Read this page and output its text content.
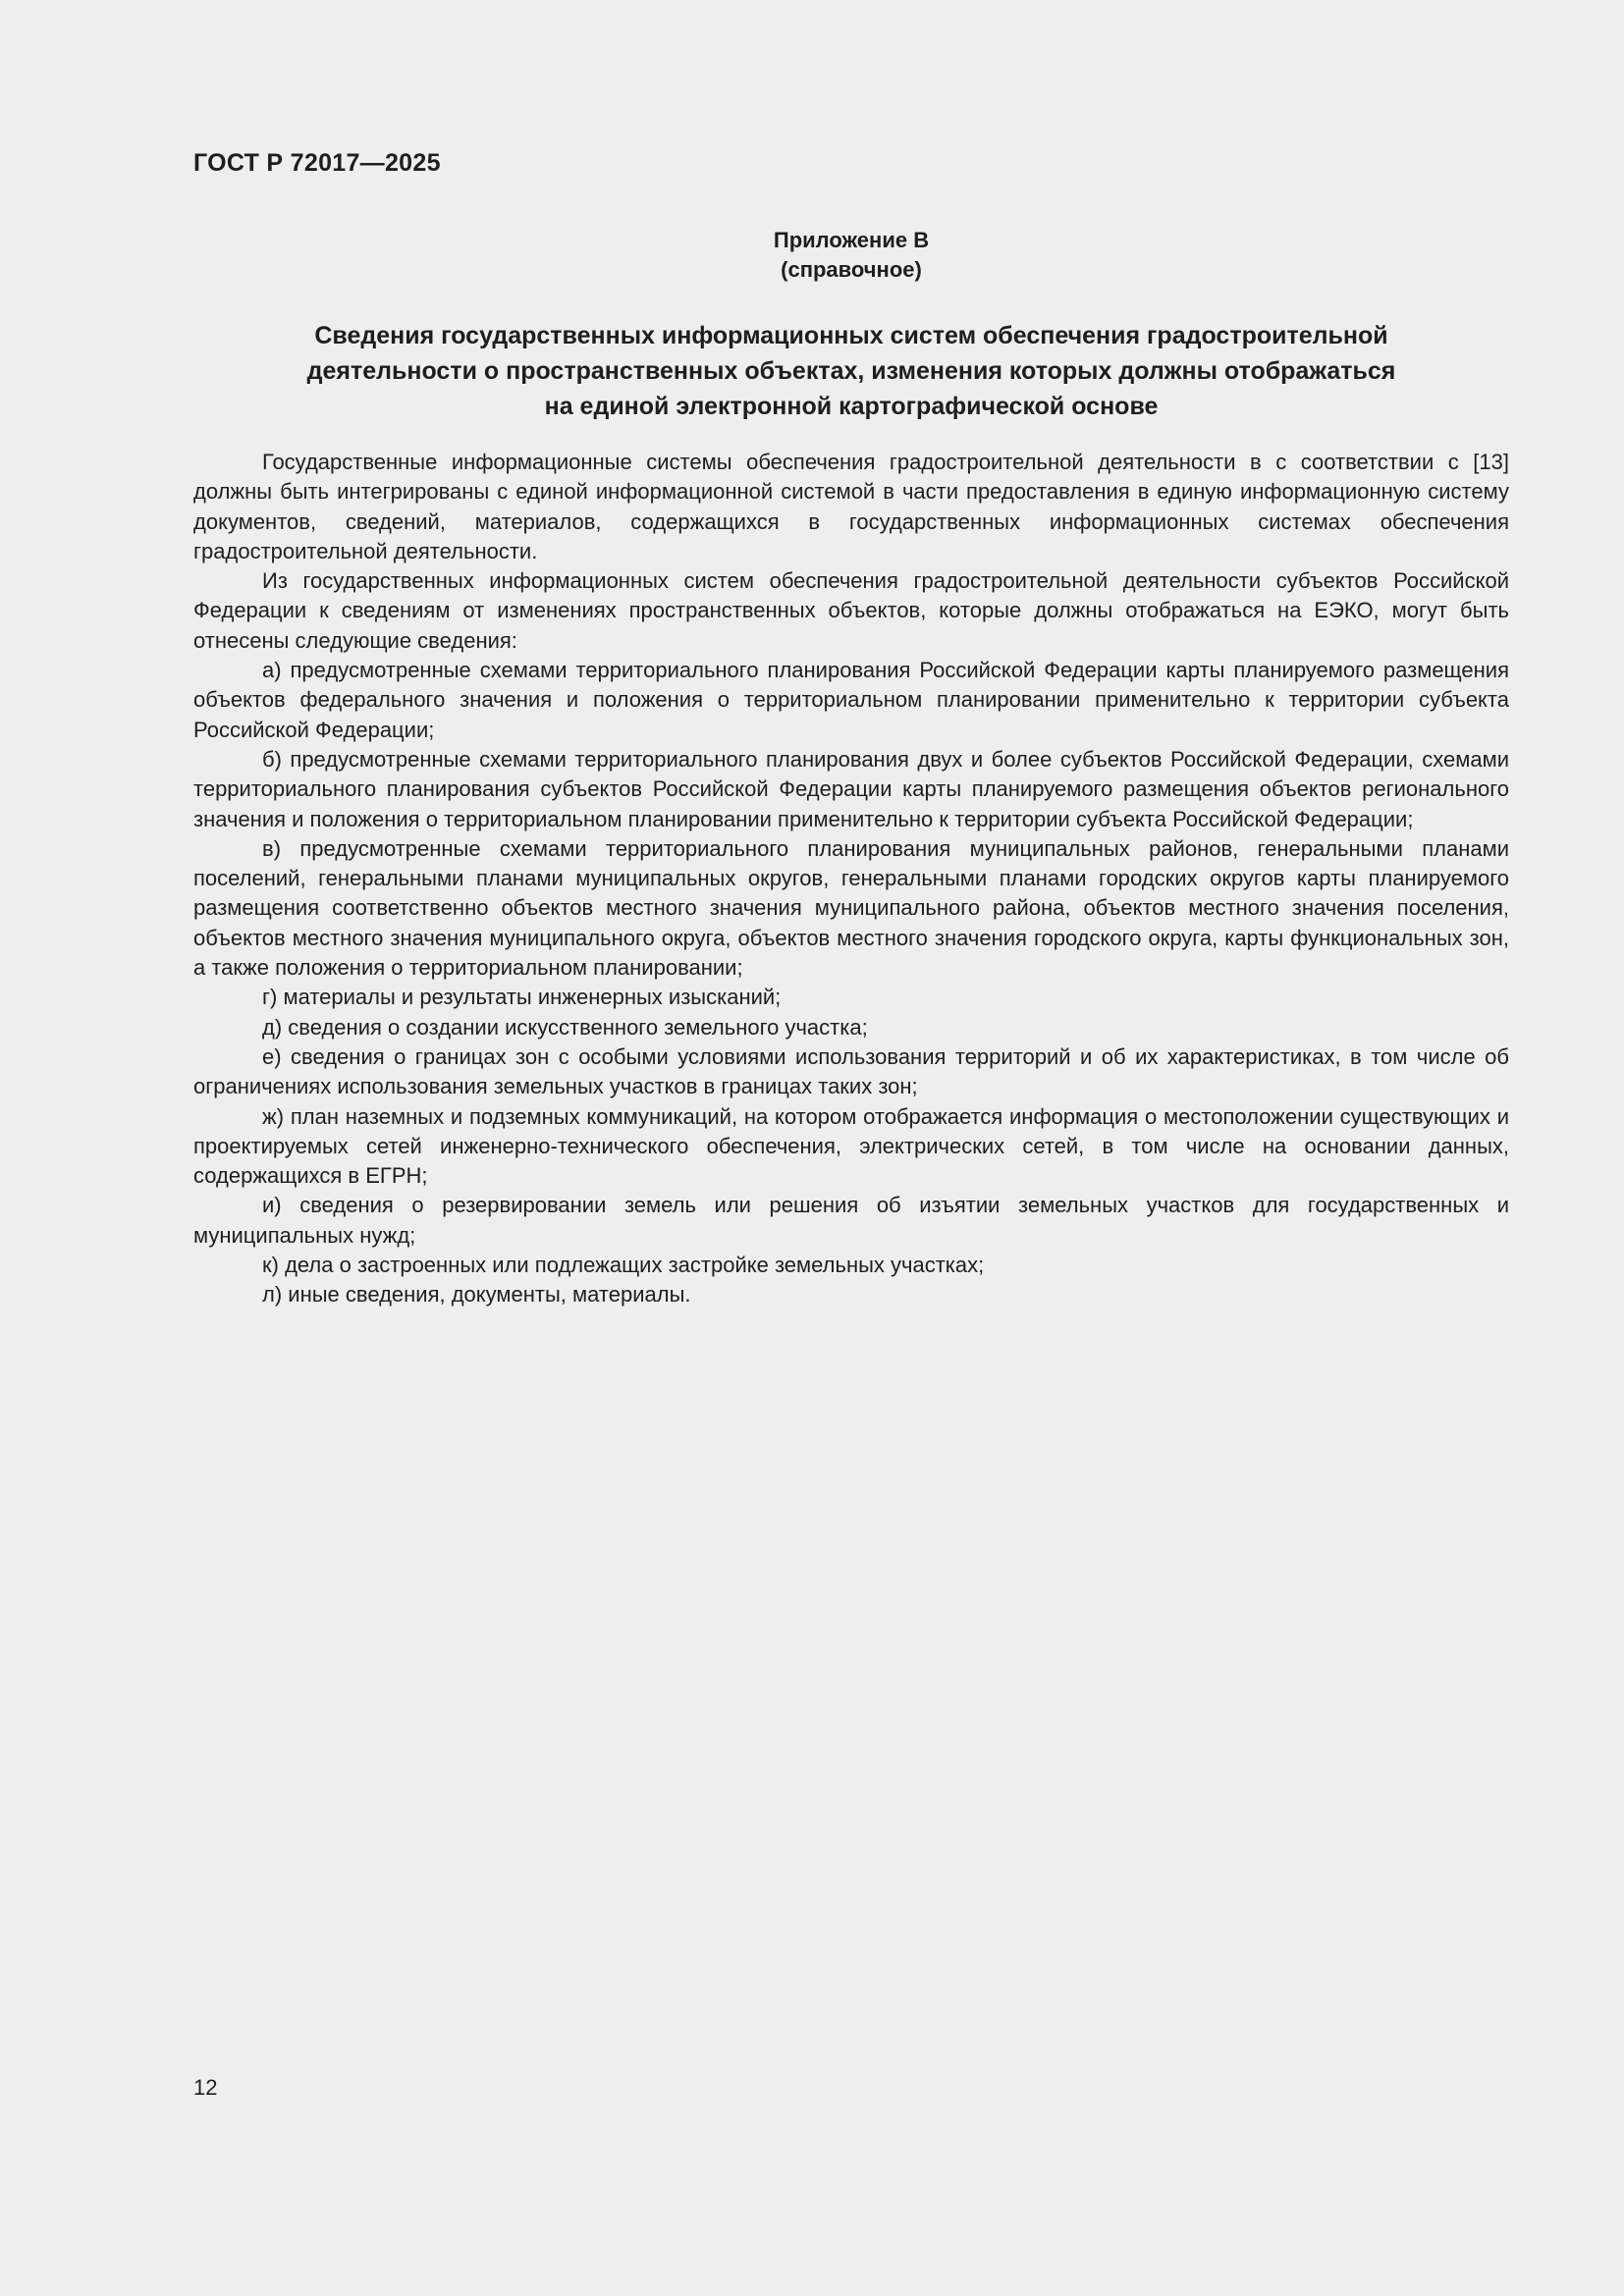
ГОСТ Р 72017—2025
Приложение В
(справочное)
Сведения государственных информационных систем обеспечения градостроительной
деятельности о пространственных объектах, изменения которых должны отображаться
на единой электронной картографической основе

Государственные информационные системы обеспечения градостроительной деятельности в с соответствии с [13] должны быть интегрированы с единой информационной системой в части предоставления в единую информационную систему документов, сведений, материалов, содержащихся в государственных информационных системах обеспечения градостроительной деятельности.

Из государственных информационных систем обеспечения градостроительной деятельности субъектов Российской Федерации к сведениям от изменениях пространственных объектов, которые должны отображаться на ЕЭКО, могут быть отнесены следующие сведения:

а) предусмотренные схемами территориального планирования Российской Федерации карты планируемого размещения объектов федерального значения и положения о территориальном планировании применительно к территории субъекта Российской Федерации;

б) предусмотренные схемами территориального планирования двух и более субъектов Российской Федерации, схемами территориального планирования субъектов Российской Федерации карты планируемого размещения объектов регионального значения и положения о территориальном планировании применительно к территории субъекта Российской Федерации;

в) предусмотренные схемами территориального планирования муниципальных районов, генеральными планами поселений, генеральными планами муниципальных округов, генеральными планами городских округов карты планируемого размещения соответственно объектов местного значения муниципального района, объектов местного значения поселения, объектов местного значения муниципального округа, объектов местного значения городского округа, карты функциональных зон, а также положения о территориальном планировании;

г) материалы и результаты инженерных изысканий;

д) сведения о создании искусственного земельного участка;

е) сведения о границах зон с особыми условиями использования территорий и об их характеристиках, в том числе об ограничениях использования земельных участков в границах таких зон;

ж) план наземных и подземных коммуникаций, на котором отображается информация о местоположении существующих и проектируемых сетей инженерно-технического обеспечения, электрических сетей, в том числе на основании данных, содержащихся в ЕГРН;

и) сведения о резервировании земель или решения об изъятии земельных участков для государственных и муниципальных нужд;

к) дела о застроенных или подлежащих застройке земельных участках;

л) иные сведения, документы, материалы.

12
